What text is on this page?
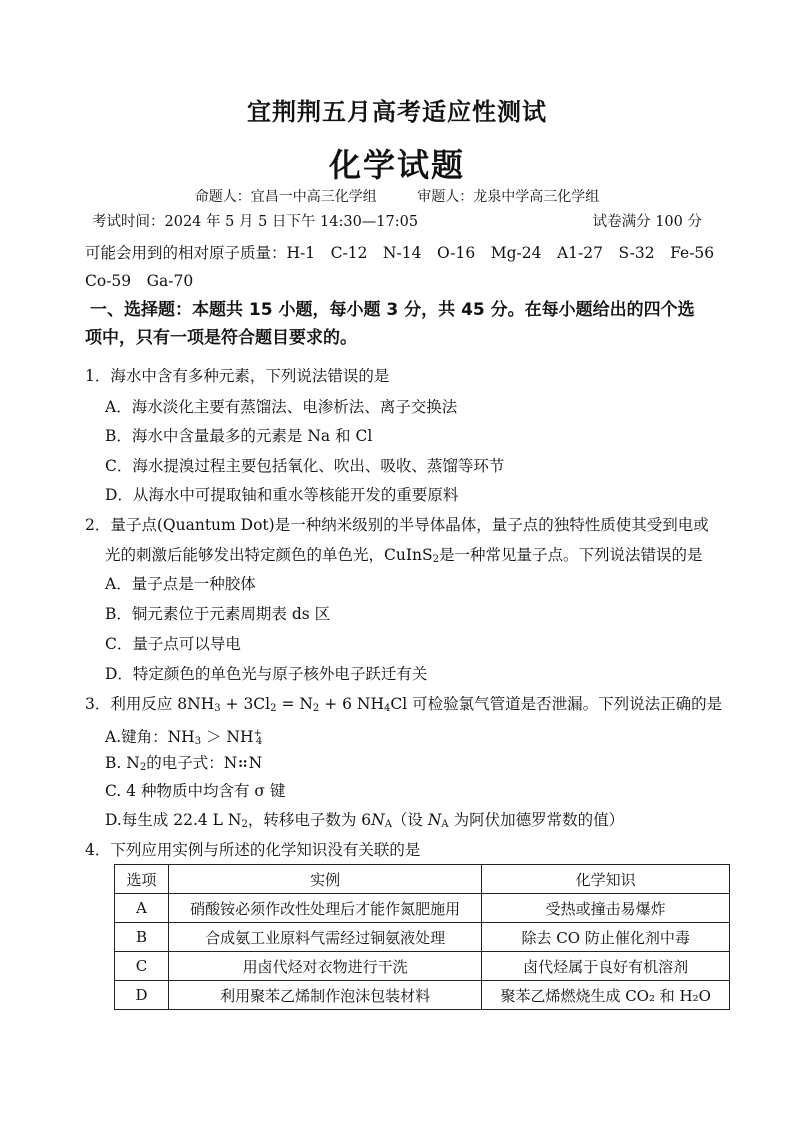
宜荆荆五月高考适应性测试
化学试题
命题人：宜昌一中高三化学组	审题人：龙泉中学高三化学组
考试时间：2024 年 5 月 5 日下午 14:30—17:05	试卷满分 100 分
可能会用到的相对原子质量：H-1　C-12　N-14　O-16　Mg-24　A1-27　S-32　Fe-56
Co-59　Ga-70
一、选择题：本题共 15 小题，每小题 3 分，共 45 分。在每小题给出的四个选
项中，只有一项是符合题目要求的。
1．海水中含有多种元素，下列说法错误的是
A．海水淡化主要有蒸馏法、电渗析法、离子交换法
B．海水中含量最多的元素是 Na 和 Cl
C．海水提溴过程主要包括氧化、吹出、吸收、蒸馏等环节
D．从海水中可提取铀和重水等核能开发的重要原料
2．量子点(Quantum Dot)是一种纳米级别的半导体晶体，量子点的独特性质使其受到电或
光的刺激后能够发出特定颜色的单色光，CuInS$_2$是一种常见量子点。下列说法错误的是
A．量子点是一种胶体
B．铜元素位于元素周期表 ds 区
C．量子点可以导电
D．特定颜色的单色光与原子核外电子跃迁有关
3．利用反应 $8NH_3 + 3Cl_2 = N_2 + 6$ $NH_4Cl$ 可检验氯气管道是否泄漏。下列说法正确的是
A.键角：$NH_3 > NH^+_4$
B. $N_2$的电子式：N⠶N
C. 4 种物质中均含有 σ 键
D.每生成 22.4 L $N_2$，转移电子数为 $6N_A$（设 $N_A$ 为阿伏加德罗常数的值）
4．下列应用实例与所述的化学知识没有关联的是
选项	实例	化学知识
A	硝酸铵必须作改性处理后才能作氮肥施用	受热或撞击易爆炸
B	合成氨工业原料气需经过铜氨液处理	除去 CO 防止催化剂中毒
C	用卤代烃对衣物进行干洗	卤代烃属于良好有机溶剂
D	利用聚苯乙烯制作泡沫包装材料	聚苯乙烯燃烧生成 CO₂ 和 H₂O
